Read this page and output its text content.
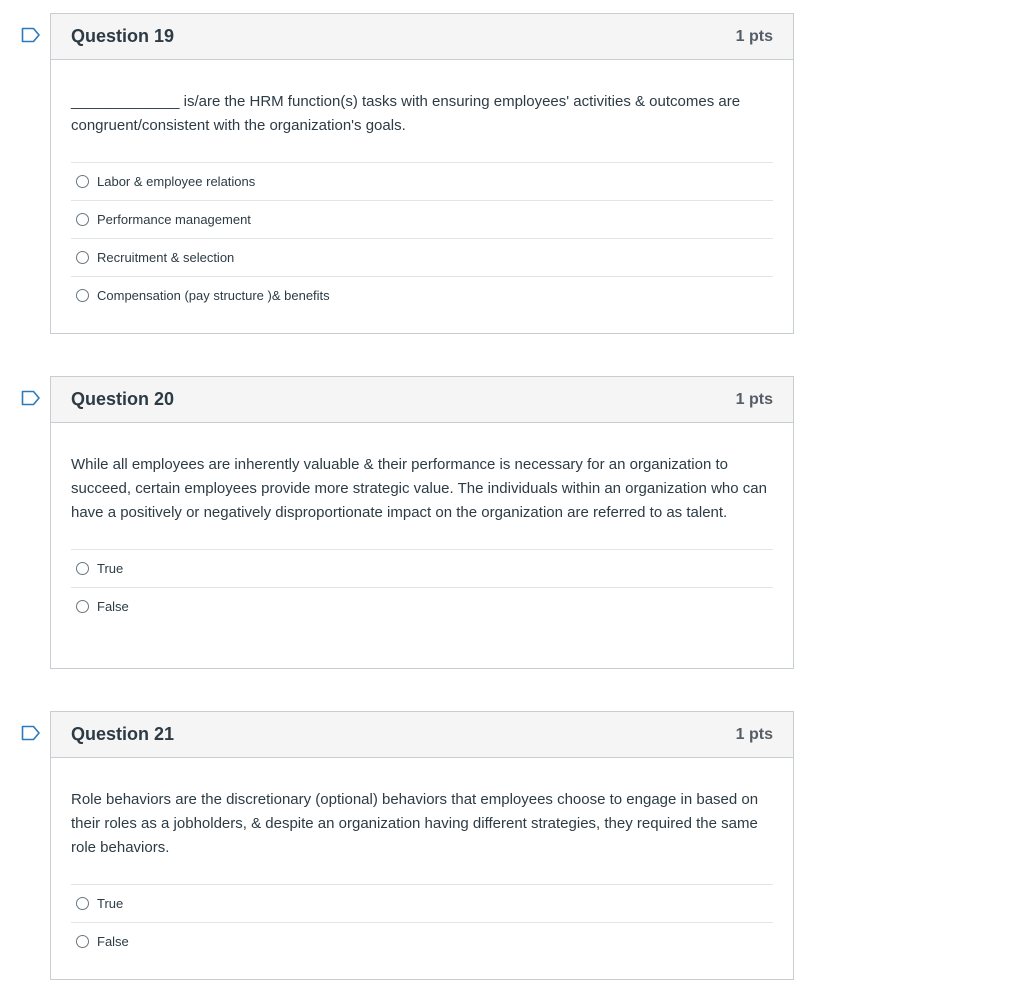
Question 19	1 pts

_____________ is/are the HRM function(s) tasks with ensuring employees' activities & outcomes are congruent/consistent with the organization's goals.

Labor & employee relations
Performance management
Recruitment & selection
Compensation (pay structure )& benefits
Question 20	1 pts

While all employees are inherently valuable & their performance is necessary for an organization to succeed, certain employees provide more strategic value. The individuals within an organization who can have a positively or negatively disproportionate impact on the organization are referred to as talent.

True
False
Question 21	1 pts

Role behaviors are the discretionary (optional) behaviors that employees choose to engage in based on their roles as a jobholders, & despite an organization having different strategies, they required the same role behaviors.

True
False
